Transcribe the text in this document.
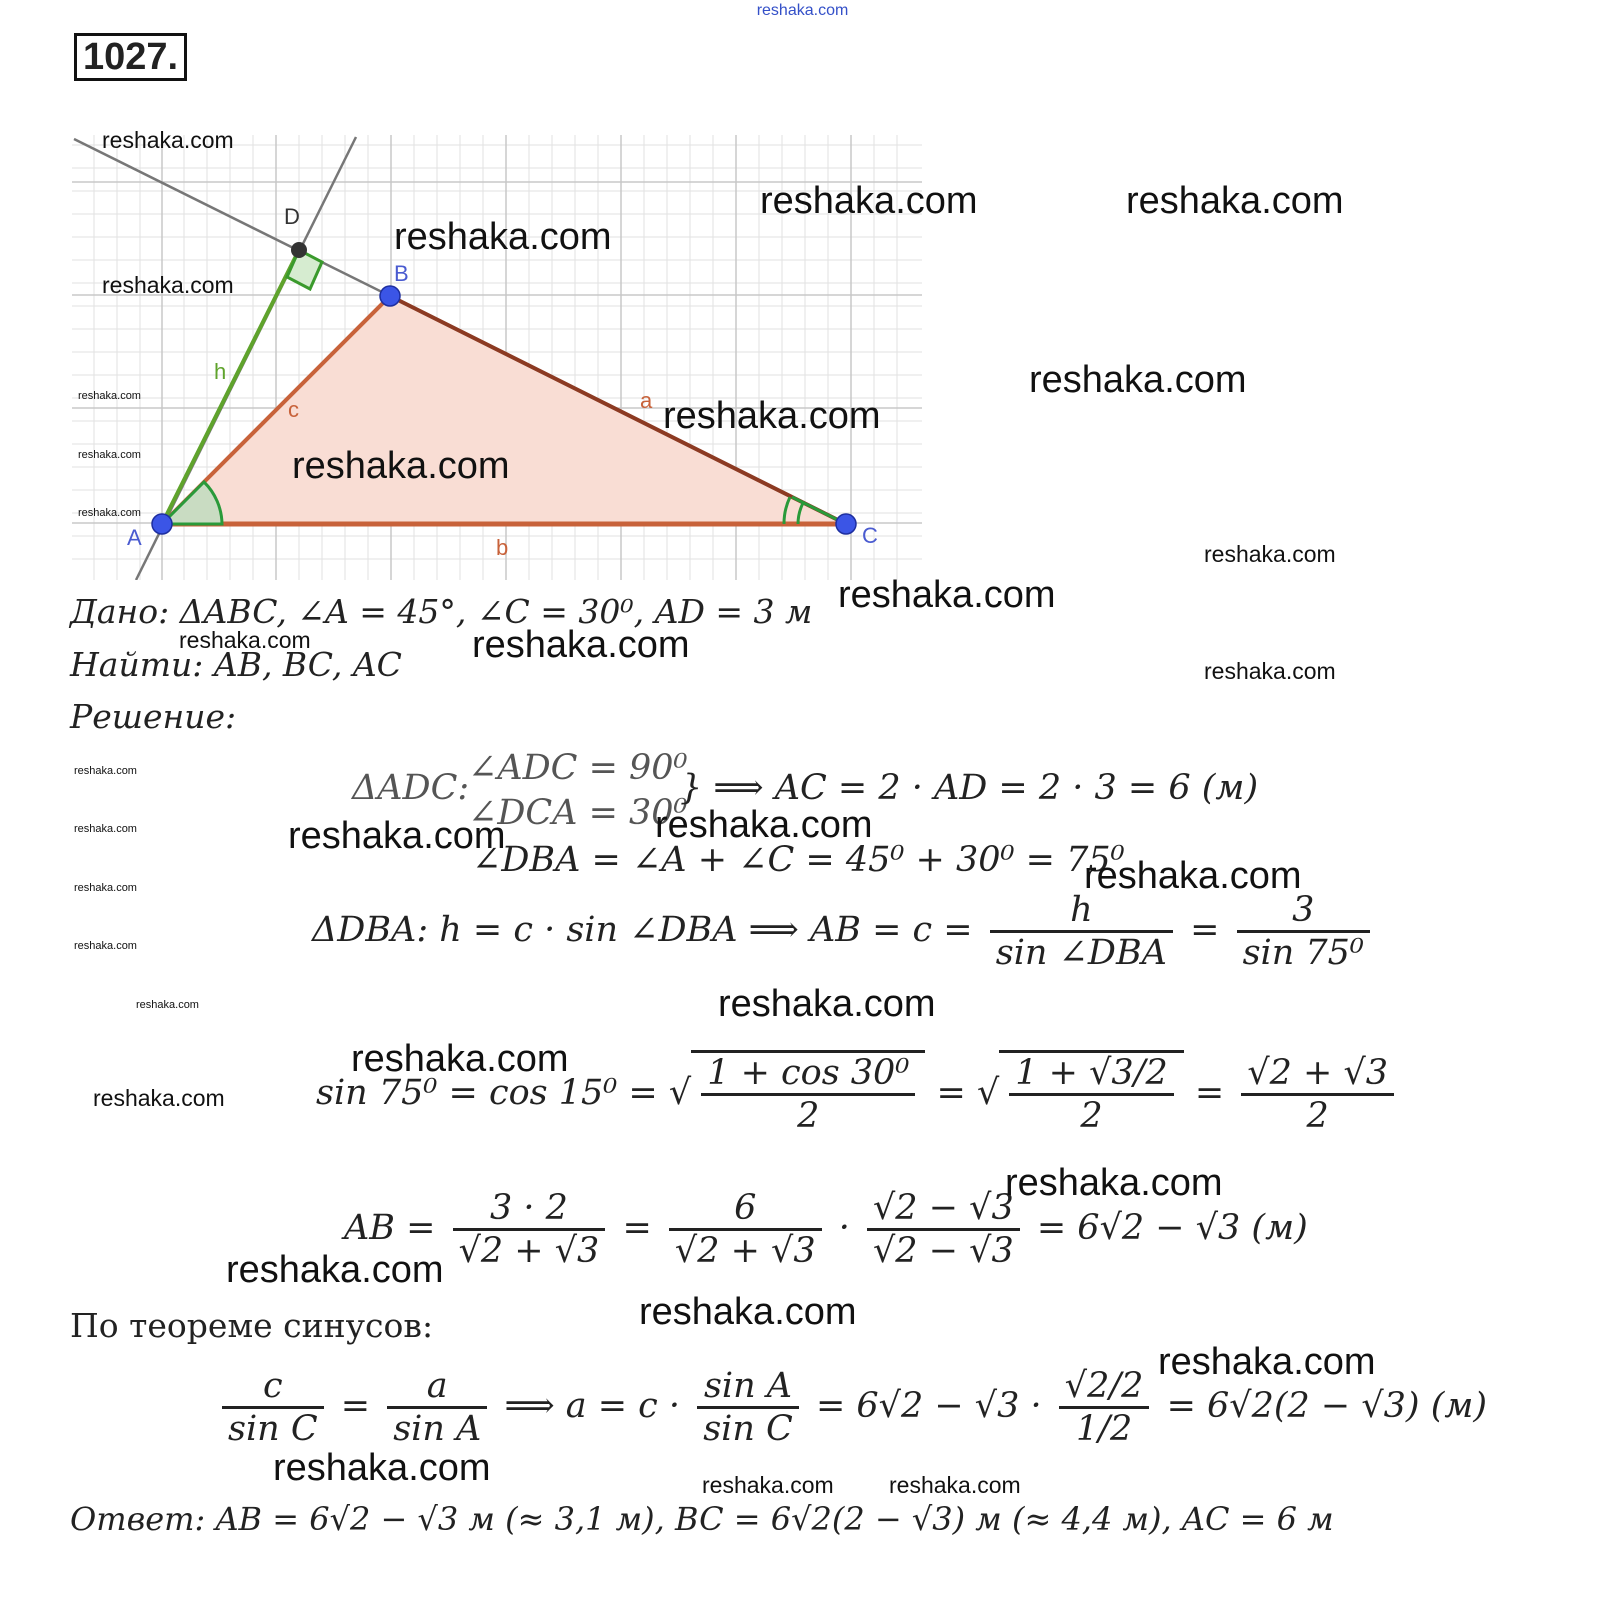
reshaka.com
1027.
A
B
C
D
h
a
b
c
Дано: ΔABC, ∠A = 45°, ∠C = 30⁰, AD = 3 м
Найти: AB, BC, AC
Решение:
ΔADC:
∠ADC = 90⁰
∠DCA = 30⁰
} ⟹ AC = 2 · AD = 2 · 3 = 6 (м)
∠DBA = ∠A + ∠C = 45⁰ + 30⁰ = 75⁰
ΔDBA: h = c · sin ∠DBA ⟹ AB = $c = \frac{h}{\text{sin ∠DBA}} = \frac{3}{\text{sin 75⁰}}$
sin 75⁰ = cos 15⁰ = √ $\frac{\text{1 + cos 30⁰}}{2}$ = √ $\frac{1 + √3/2}{2} = \frac{√2 + √3}{2}$
AB = $\frac{3 \cdot 2}{√2 + √3} = \frac{6}{√2 + √3} \cdot \frac{√2 - √3}{√2 - √3} = 6√2 - √3$ (м)
По теореме синусов:
$\frac{c}{\text{sin C}} = \frac{a}{\text{sin A}}$ ⟹ $a = c \cdot \frac{\text{sin A}}{\text{sin C}} = 6√2 - √3 \cdot \frac{√2/2}{1/2} = 6√2(2 - √3)$ (м)
Ответ: AB = 6√2 − √3 м (≈ 3,1 м), BC = 6√2(2 − √3) м (≈ 4,4 м), AC = 6 м
reshaka.com
reshaka.com	reshaka.com
reshaka.com
reshaka.com
reshaka.com
reshaka.com	reshaka.com
reshaka.com	reshaka.com
reshaka.com
reshaka.com
reshaka.com
reshaka.com	reshaka.com
reshaka.com
reshaka.com
reshaka.com
reshaka.com
reshaka.com
reshaka.com
reshaka.com
reshaka.com
reshaka.com
reshaka.com
reshaka.com
reshaka.com
reshaka.com
reshaka.com
reshaka.com
reshaka.com
reshaka.com	reshaka.com reshaka.com
